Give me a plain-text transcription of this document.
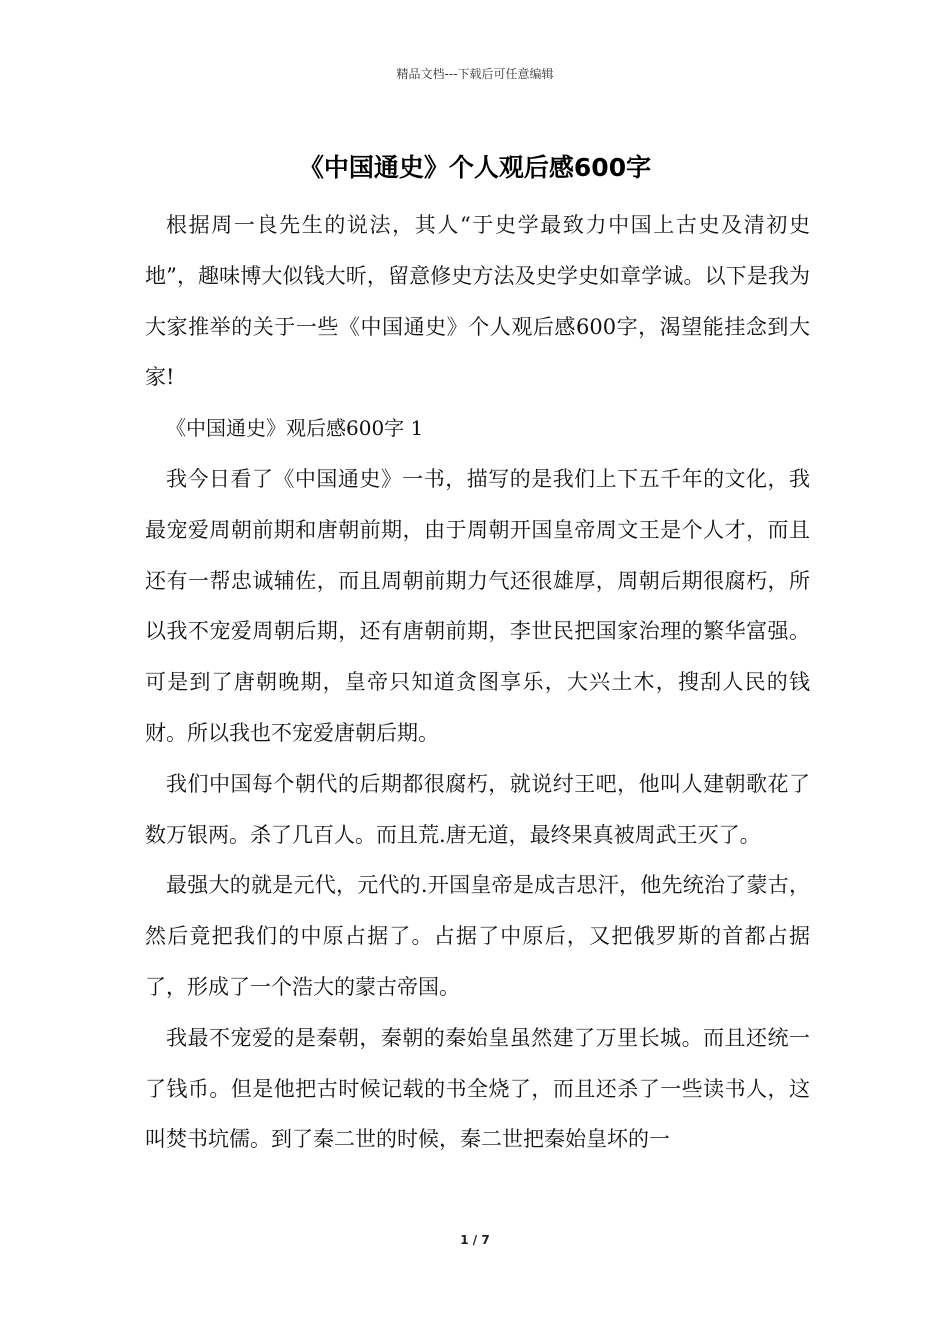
精品文档---下载后可任意编辑
《中国通史》个人观后感600字

根据周一良先生的说法，其人“于史学最致力中国上古史及清初史地”，趣味博大似钱大昕，留意修史方法及史学史如章学诚。以下是我为大家推举的关于一些《中国通史》个人观后感600字，渴望能挂念到大家!

《中国通史》观后感600字 1

我今日看了《中国通史》一书，描写的是我们上下五千年的文化，我最宠爱周朝前期和唐朝前期，由于周朝开国皇帝周文王是个人才，而且还有一帮忠诚辅佐，而且周朝前期力气还很雄厚，周朝后期很腐朽，所以我不宠爱周朝后期，还有唐朝前期，李世民把国家治理的繁华富强。可是到了唐朝晚期，皇帝只知道贪图享乐，大兴土木，搜刮人民的钱财。所以我也不宠爱唐朝后期。

我们中国每个朝代的后期都很腐朽，就说纣王吧，他叫人建朝歌花了数万银两。杀了几百人。而且荒.唐无道，最终果真被周武王灭了。

最强大的就是元代，元代的.开国皇帝是成吉思汗，他先统治了蒙古，然后竟把我们的中原占据了。占据了中原后，又把俄罗斯的首都占据了，形成了一个浩大的蒙古帝国。

我最不宠爱的是秦朝，秦朝的秦始皇虽然建了万里长城。而且还统一了钱币。但是他把古时候记载的书全烧了，而且还杀了一些读书人，这叫焚书坑儒。到了秦二世的时候，秦二世把秦始皇坏的一

1 / 7
